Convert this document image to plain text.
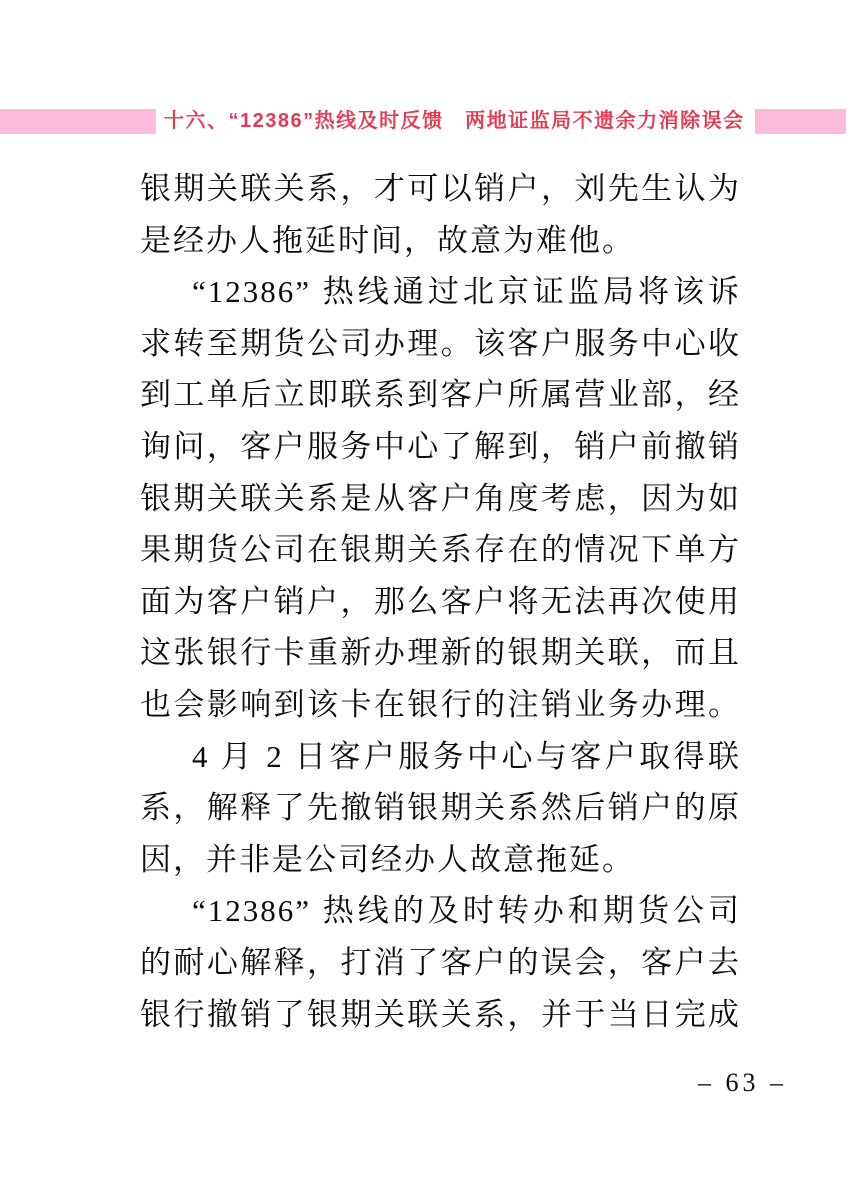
十六、“12386”热线及时反馈　两地证监局不遗余力消除误会
银期关联关系，才可以销户，刘先生认为
是经办人拖延时间，故意为难他。
“12386” 热线通过北京证监局将该诉
求转至期货公司办理。该客户服务中心收
到工单后立即联系到客户所属营业部，经
询问，客户服务中心了解到，销户前撤销
银期关联关系是从客户角度考虑，因为如
果期货公司在银期关系存在的情况下单方
面为客户销户，那么客户将无法再次使用
这张银行卡重新办理新的银期关联，而且
也会影响到该卡在银行的注销业务办理。
4 月 2 日客户服务中心与客户取得联
系，解释了先撤销银期关系然后销户的原
因，并非是公司经办人故意拖延。
“12386” 热线的及时转办和期货公司
的耐心解释，打消了客户的误会，客户去
银行撤销了银期关联关系，并于当日完成
– 63 –
